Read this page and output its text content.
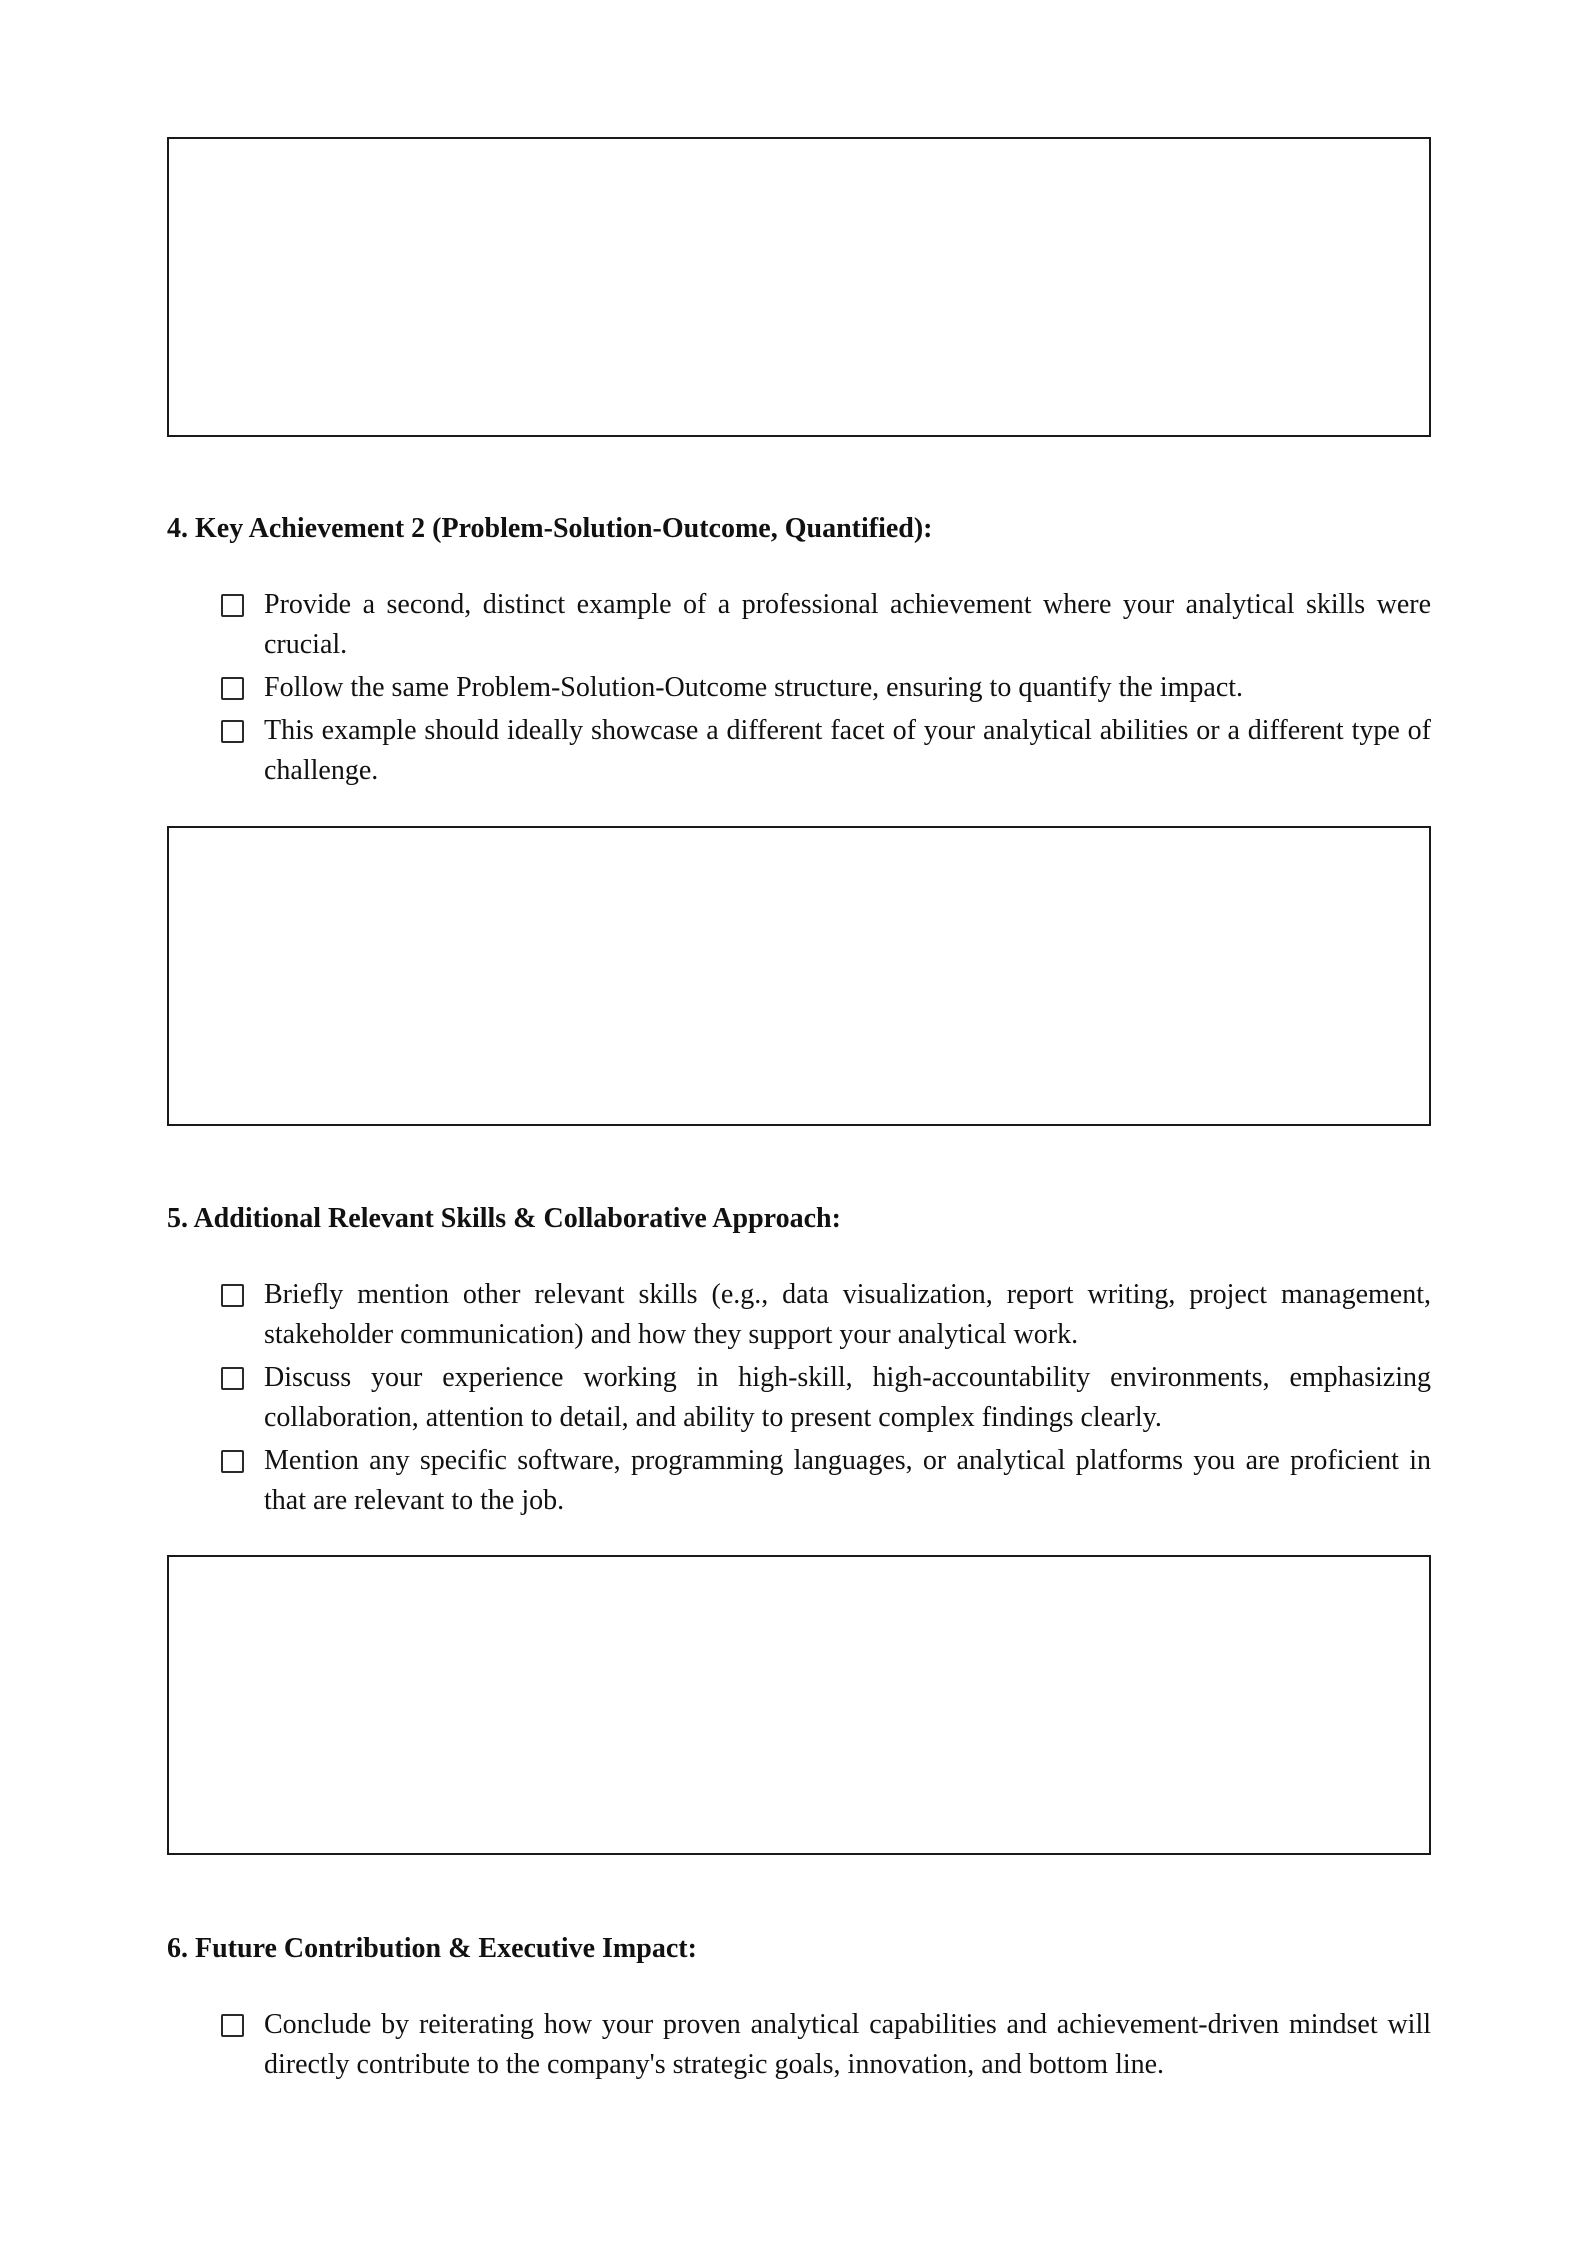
4. Key Achievement 2 (Problem-Solution-Outcome, Quantified):
Provide a second, distinct example of a professional achievement where your analytical skills were crucial.
Follow the same Problem-Solution-Outcome structure, ensuring to quantify the impact.
This example should ideally showcase a different facet of your analytical abilities or a different type of challenge.
5. Additional Relevant Skills & Collaborative Approach:
Briefly mention other relevant skills (e.g., data visualization, report writing, project management, stakeholder communication) and how they support your analytical work.
Discuss your experience working in high-skill, high-accountability environments, emphasizing collaboration, attention to detail, and ability to present complex findings clearly.
Mention any specific software, programming languages, or analytical platforms you are proficient in that are relevant to the job.
6. Future Contribution & Executive Impact:
Conclude by reiterating how your proven analytical capabilities and achievement-driven mindset will directly contribute to the company's strategic goals, innovation, and bottom line.
